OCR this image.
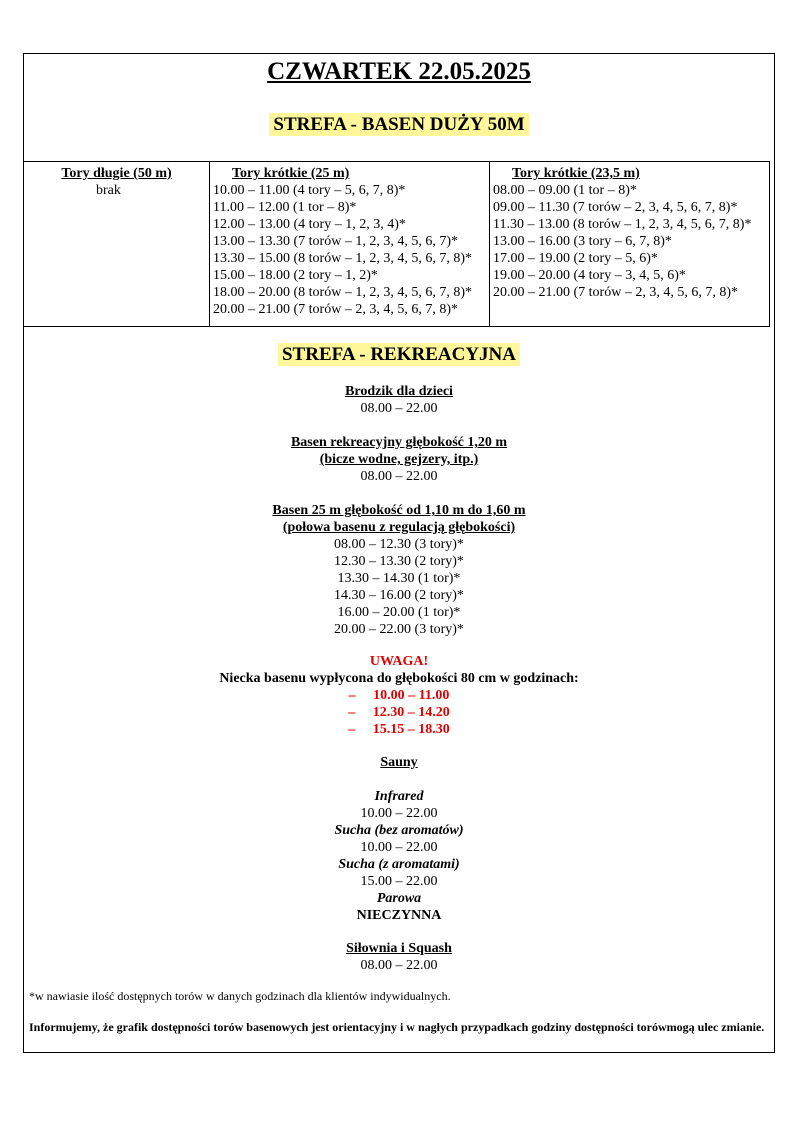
CZWARTEK 22.05.2025
STREFA - BASEN DUŻY 50M
Tory długie (50 m)
brak
Tory krótkie (25 m)
10.00 – 11.00 (4 tory – 5, 6, 7, 8)*
11.00 – 12.00 (1 tor – 8)*
12.00 – 13.00 (4 tory – 1, 2, 3, 4)*
13.00 – 13.30 (7 torów – 1, 2, 3, 4, 5, 6, 7)*
13.30 – 15.00 (8 torów – 1, 2, 3, 4, 5, 6, 7, 8)*
15.00 – 18.00 (2 tory – 1, 2)*
18.00 – 20.00 (8 torów – 1, 2, 3, 4, 5, 6, 7, 8)*
20.00 – 21.00 (7 torów – 2, 3, 4, 5, 6, 7, 8)*
Tory krótkie (23,5 m)
08.00 – 09.00 (1 tor – 8)*
09.00 – 11.30 (7 torów – 2, 3, 4, 5, 6, 7, 8)*
11.30 – 13.00 (8 torów – 1, 2, 3, 4, 5, 6, 7, 8)*
13.00 – 16.00 (3 tory – 6, 7, 8)*
17.00 – 19.00 (2 tory – 5, 6)*
19.00 – 20.00 (4 tory – 3, 4, 5, 6)*
20.00 – 21.00 (7 torów – 2, 3, 4, 5, 6, 7, 8)*
STREFA - REKREACYJNA
Brodzik dla dzieci
08.00 – 22.00
Basen rekreacyjny głębokość 1,20 m
(bicze wodne, gejzery, itp.)
08.00 – 22.00
Basen 25 m głębokość od 1,10 m do 1,60 m
(połowa basenu z regulacją głębokości)
08.00 – 12.30 (3 tory)*
12.30 – 13.30 (2 tory)*
13.30 – 14.30 (1 tor)*
14.30 – 16.00 (2 tory)*
16.00 – 20.00 (1 tor)*
20.00 – 22.00 (3 tory)*
UWAGA!
Niecka basenu wypłycona do głębokości 80 cm w godzinach:
– 10.00 – 11.00
– 12.30 – 14.20
– 15.15 – 18.30
Sauny
Infrared
10.00 – 22.00
Sucha (bez aromatów)
10.00 – 22.00
Sucha (z aromatami)
15.00 – 22.00
Parowa
NIECZYNNA
Siłownia i Squash
08.00 – 22.00
*w nawiasie ilość dostępnych torów w danych godzinach dla klientów indywidualnych.
Informujemy, że grafik dostępności torów basenowych jest orientacyjny i w nagłych przypadkach godziny dostępności torówmogą ulec zmianie.
